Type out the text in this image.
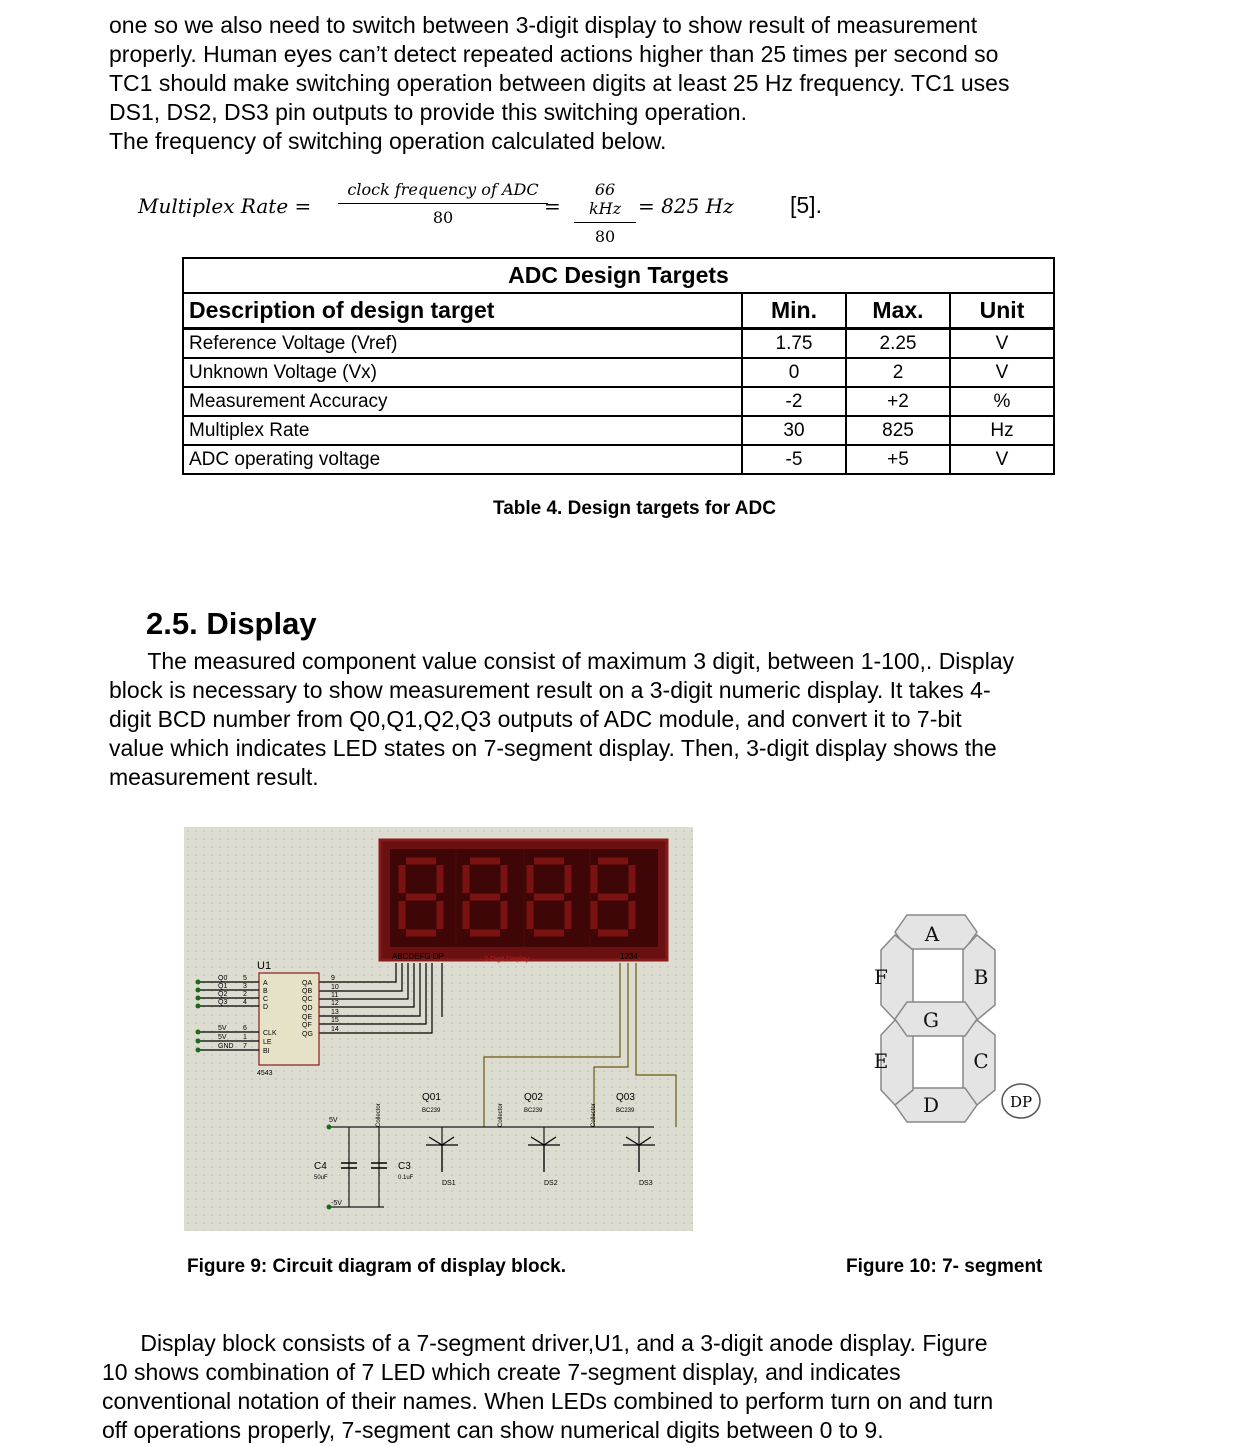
one so we also need to switch between 3-digit display to show result of measurement
properly. Human eyes can’t detect repeated actions higher than 25 times per second so
TC1 should make switching operation between digits at least 25 Hz frequency. TC1 uses
DS1, DS2, DS3 pin outputs to provide this switching operation.
The frequency of switching operation calculated below.
Multiplex Rate =
clock frequency of ADC
80	=
66 kHz
80
= 825 Hz [5].
ADC Design Targets			
Description of design target	Min.	Max.	Unit
Reference Voltage (Vref)	1.75	2.25	V
Unknown Voltage (Vx)	0	2	V
Measurement Accuracy	-2	+2	%
Multiplex Rate	30	825	Hz
ADC operating voltage	-5	+5	V
Table 4. Design targets for ADC
2.5. Display
The measured component value consist of maximum 3 digit, between 1-100,. Display
block is necessary to show measurement result on a 3-digit numeric display. It takes 4-
digit BCD number from Q0,Q1,Q2,Q3 outputs of ADC module, and convert it to 7-bit
value which indicates LED states on 7-segment display. Then, 3-digit display shows the
measurement result.
ABCDEFG DP	3-Digit Display	1234
U1
4543
A
B
C
D
CLK
LE
BI
QA
QB
QC
QD
QE
QF
QG
Q0
Q1
Q2
Q3
5V
5V
GND
5
3
2
4
6
1
7
9
10
11
12
13
15
14
5V
-5V
C4
50uF
C3
0.1uF
Q01
BC239
Q02
BC239
Q03
BC239
DS1	DS2	DS3
Collector	Collector	Collector
A
B
C
D
E
F
G
DP
Figure 9: Circuit diagram of display block.	Figure 10: 7- segment
Display block consists of a 7-segment driver,U1, and a 3-digit anode display. Figure
10 shows combination of 7 LED which create 7-segment display, and indicates
conventional notation of their names. When LEDs combined to perform turn on and turn
off operations properly, 7-segment can show numerical digits between 0 to 9.
